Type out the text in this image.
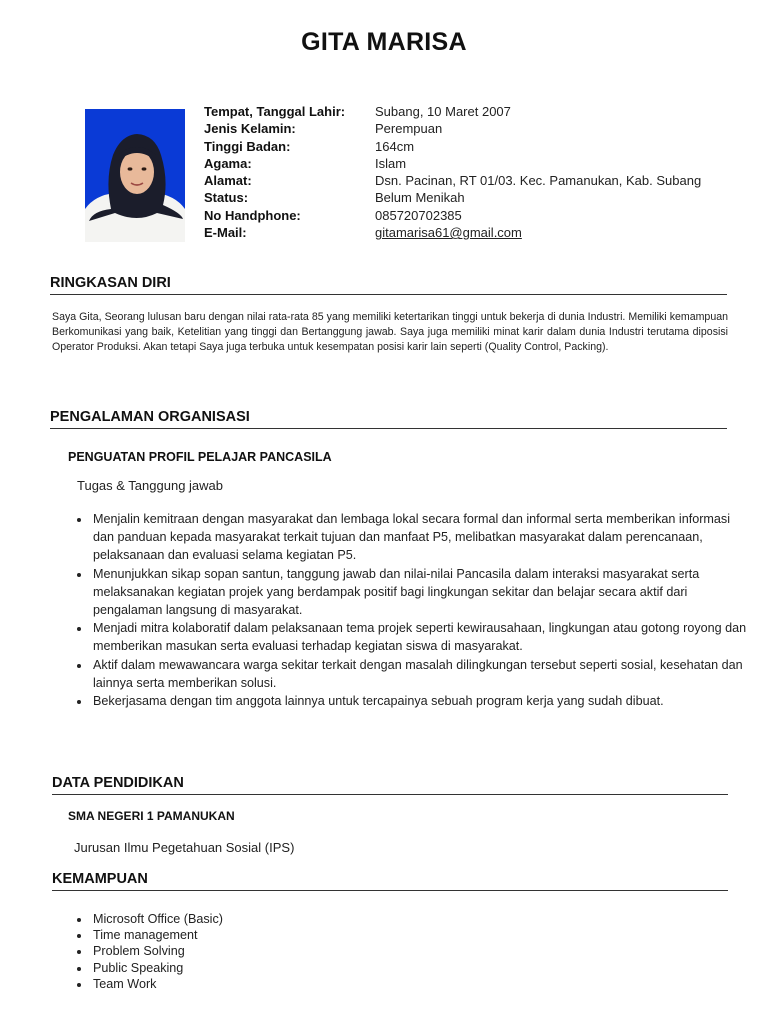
GITA MARISA
Tempat, Tanggal Lahir:	Subang, 10 Maret 2007
Jenis Kelamin:	Perempuan
Tinggi Badan:	164cm
Agama:	Islam
Alamat:	Dsn. Pacinan, RT 01/03. Kec. Pamanukan, Kab. Subang
Status:	Belum Menikah
No Handphone:	085720702385
E-Mail:	gitamarisa61@gmail.com
RINGKASAN DIRI
Saya Gita, Seorang lulusan baru dengan nilai rata-rata 85 yang memiliki ketertarikan tinggi untuk bekerja di dunia Industri. Memiliki kemampuan Berkomunikasi yang baik, Ketelitian yang tinggi dan Bertanggung jawab. Saya juga memiliki minat karir dalam dunia Industri terutama diposisi Operator Produksi. Akan tetapi Saya juga terbuka untuk kesempatan posisi karir lain seperti (Quality Control, Packing).
PENGALAMAN ORGANISASI
PENGUATAN PROFIL PELAJAR PANCASILA
Tugas & Tanggung jawab
• Menjalin kemitraan dengan masyarakat dan lembaga lokal secara formal dan informal serta memberikan informasi dan panduan kepada masyarakat terkait tujuan dan manfaat P5, melibatkan masyarakat dalam perencanaan, pelaksanaan dan evaluasi selama kegiatan P5.
• Menunjukkan sikap sopan santun, tanggung jawab dan nilai-nilai Pancasila dalam interaksi masyarakat serta melaksanakan kegiatan projek yang berdampak positif bagi lingkungan sekitar dan belajar secara aktif dari pengalaman langsung di masyarakat.
• Menjadi mitra kolaboratif dalam pelaksanaan tema projek seperti kewirausahaan, lingkungan atau gotong royong dan memberikan masukan serta evaluasi terhadap kegiatan siswa di masyarakat.
• Aktif dalam mewawancara warga sekitar terkait dengan masalah dilingkungan tersebut seperti sosial, kesehatan dan lainnya serta memberikan solusi.
• Bekerjasama dengan tim anggota lainnya untuk tercapainya sebuah program kerja yang sudah dibuat.
DATA PENDIDIKAN
SMA NEGERI 1 PAMANUKAN
Jurusan Ilmu Pegetahuan Sosial (IPS)
KEMAMPUAN
• Microsoft Office (Basic)
• Time management
• Problem Solving
• Public Speaking
• Team Work
